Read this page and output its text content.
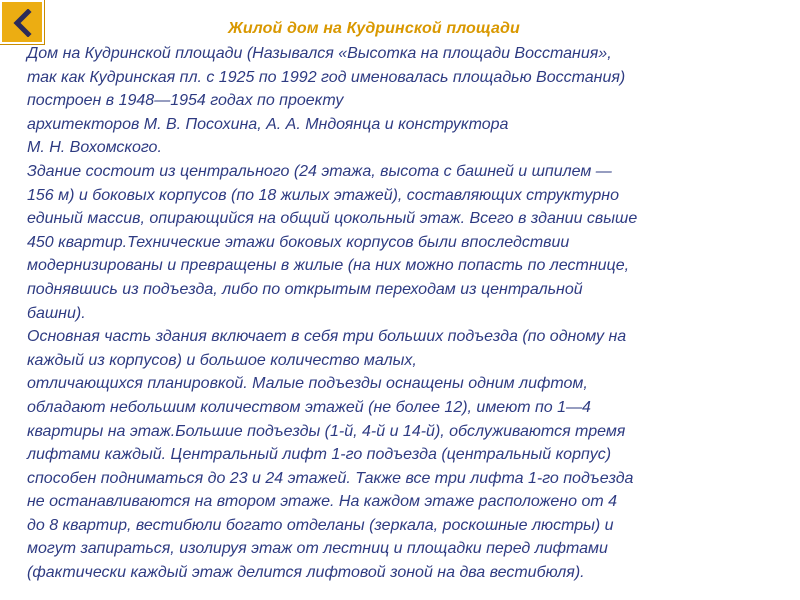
Жилой дом на Кудринской площади
Дом на Кудринской площади (Назывался «Высотка на площади Восстания»,
так как Кудринская пл. с 1925 по 1992 год именовалась площадью Восстания)
построен в 1948—1954 годах по проекту
архитекторов М. В. Посохина, А. А. Мндоянца и конструктора
М. Н. Вохомского.
Здание состоит из центрального (24 этажа, высота с башней и шпилем —
156 м) и боковых корпусов (по 18 жилых этажей), составляющих структурно
единый массив, опирающийся на общий цокольный этаж. Всего в здании свыше
450 квартир.Технические этажи боковых корпусов были впоследствии
модернизированы и превращены в жилые (на них можно попасть по лестнице,
поднявшись из подъезда, либо по открытым переходам из центральной
башни).
Основная часть здания включает в себя три больших подъезда (по одному на
каждый из корпусов) и большое количество малых,
отличающихся планировкой. Малые подъезды оснащены одним лифтом,
обладают небольшим количеством этажей (не более 12), имеют по 1—4
квартиры на этаж.Большие подъезды (1-й, 4-й и 14-й), обслуживаются тремя
лифтами каждый. Центральный лифт 1-го подъезда (центральный корпус)
способен подниматься до 23 и 24 этажей. Также все три лифта 1-го подъезда
не останавливаются на втором этаже. На каждом этаже расположено от 4
до 8 квартир, вестибюли богато отделаны (зеркала, роскошные люстры) и
могут запираться, изолируя этаж от лестниц и площадки перед лифтами
(фактически каждый этаж делится лифтовой зоной на два вестибюля).
